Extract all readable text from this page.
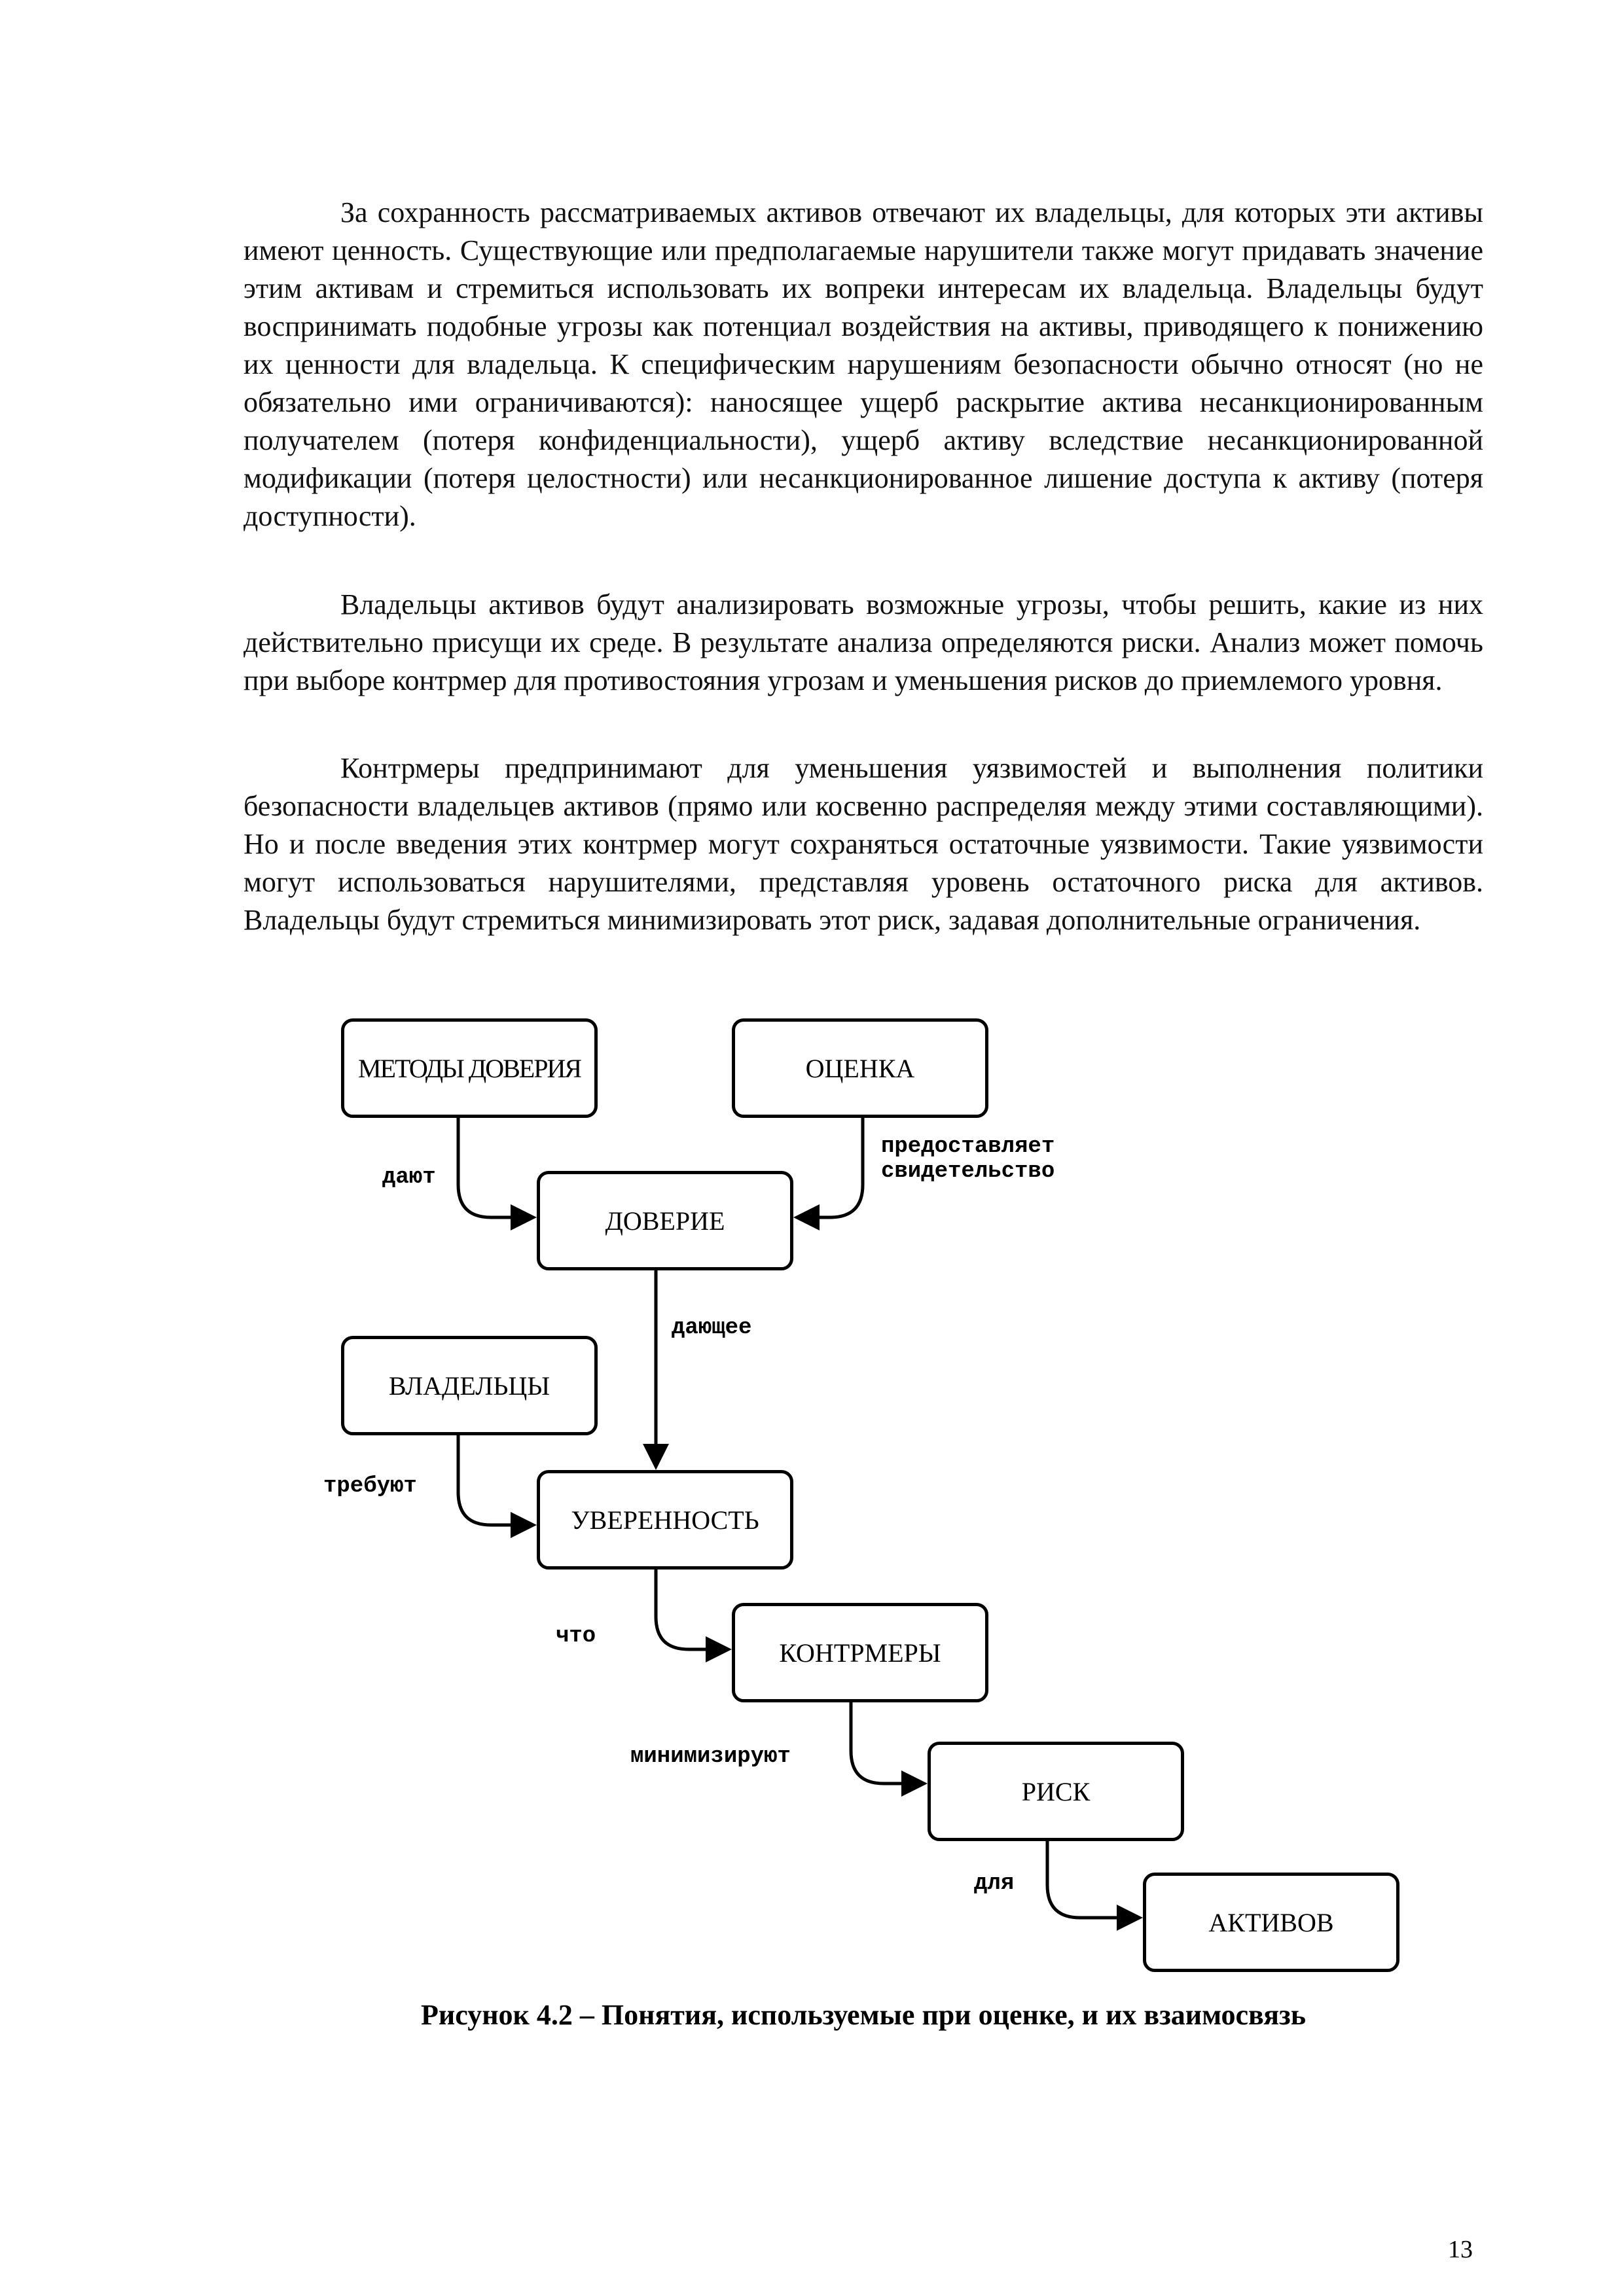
За сохранность рассматриваемых активов отвечают их владельцы, для которых эти активы имеют ценность. Существующие или предполагаемые нарушители также могут придавать значение этим активам и стремиться использовать их вопреки интересам их владельца. Владельцы будут воспринимать подобные угрозы как потенциал воздействия на активы, приводящего к понижению их ценности для владельца. К специфическим нарушениям безопасности обычно относят (но не обязательно ими ограничиваются): наносящее ущерб раскрытие актива несанкционированным получателем (потеря конфиденциальности), ущерб активу вследствие несанкционированной модификации (потеря целостности) или несанкционированное лишение доступа к активу (потеря доступности).

Владельцы активов будут анализировать возможные угрозы, чтобы решить, какие из них действительно присущи их среде. В результате анализа определяются риски. Анализ может помочь при выборе контрмер для противостояния угрозам и уменьшения рисков до приемлемого уровня.

Контрмеры предпринимают для уменьшения уязвимостей и выполнения политики безопасности владельцев активов (прямо или косвенно распределяя между этими составляющими). Но и после введения этих контрмер могут сохраняться остаточные уязвимости. Такие уязвимости могут использоваться нарушителями, представляя уровень остаточного риска для активов. Владельцы будут стремиться минимизировать этот риск, задавая дополнительные ограничения.

МЕТОДЫ ДОВЕРИЯ	ОЦЕНКА
ДОВЕРИЕ
ВЛАДЕЛЬЦЫ
УВЕРЕННОСТЬ
КОНТРМЕРЫ
РИСК
АКТИВОВ
дают
предоставляет
свидетельство
дающее
требуют
что
минимизируют
для
Рисунок 4.2 – Понятия, используемые при оценке, и их взаимосвязь
13
